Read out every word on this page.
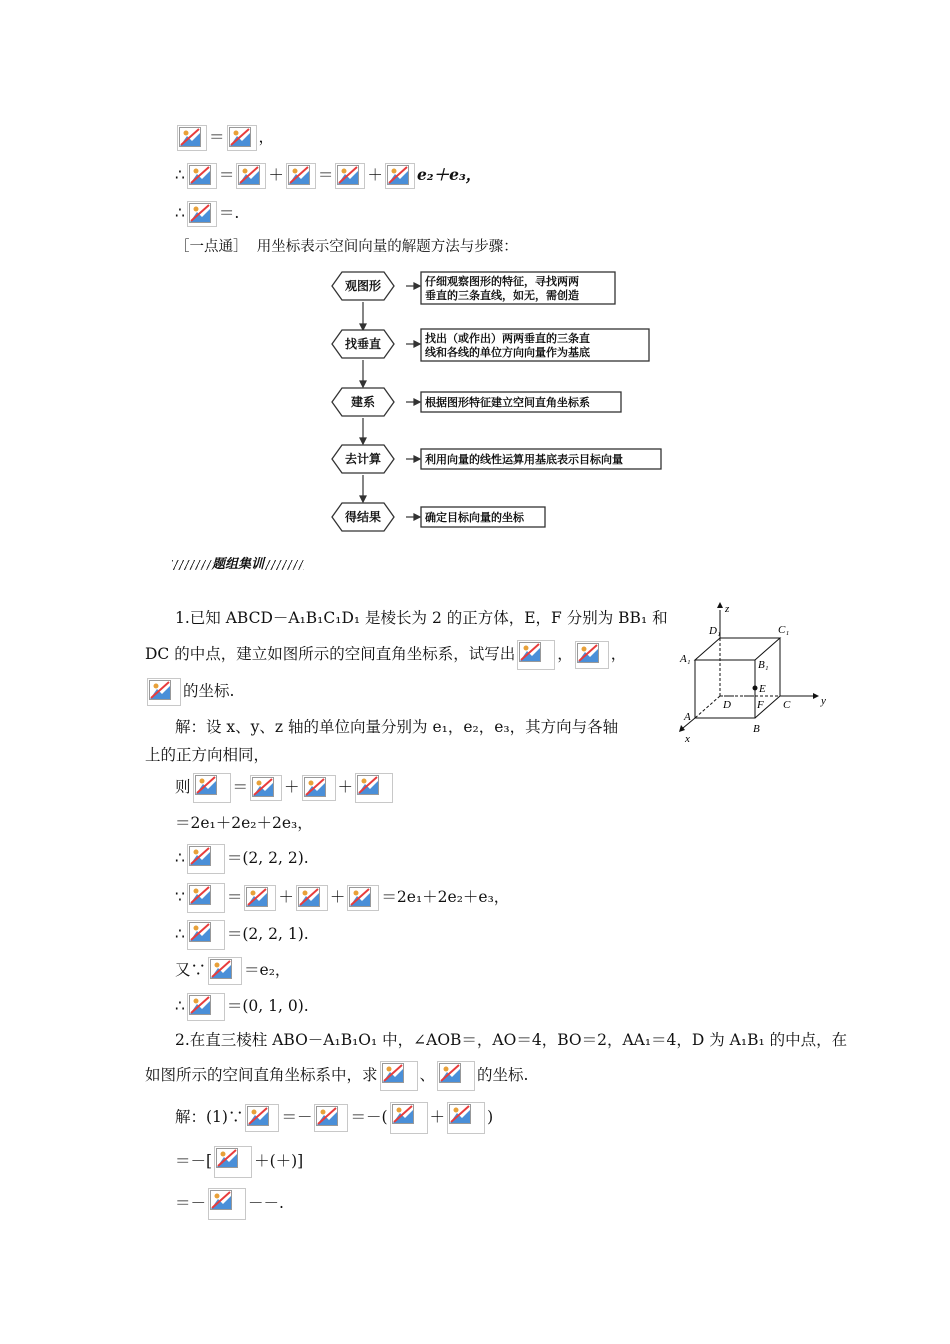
＝ ，
∴ ＝ ＋ ＝ ＋ e₂＋e₃，
∴ ＝.
［一点通］ 用坐标表示空间向量的解题方法与步骤：
观图形
找垂直
建系
去计算
得结果
仔细观察图形的特征，寻找两两
垂直的三条直线，如无，需创造
找出（或作出）两两垂直的三条直
线和各线的单位方向向量作为基底
根据图形特征建立空间直角坐标系
利用向量的线性运算用基底表示目标向量
确定目标向量的坐标
题组集训
1.已知 ABCD－A₁B₁C₁D₁ 是棱长为 2 的正方体，E，F 分别为 BB₁ 和
DC 的中点，建立如图所示的空间直角坐标系，试写出	， ，
的坐标.
解：设 x、y、z 轴的单位向量分别为 e₁，e₂，e₃，其方向与各轴
上的正方向相同，
则	＝ ＋ ＋
＝2e₁＋2e₂＋2e₃，
∴	＝(2, 2, 2).
∵	＝ ＋ ＋ ＝2e₁＋2e₂＋e₃，
∴	＝(2, 2, 1).
又∵ ＝e₂，
∴	＝(0, 1, 0).
z
D₁	C₁
A₁	B₁
E
D F C	y
A
B
x
2.在直三棱柱 ABO－A₁B₁O₁ 中，∠AOB＝，AO＝4，BO＝2，AA₁＝4，D 为 A₁B₁ 的中点，在
如图所示的空间直角坐标系中，求	、	的坐标.
解：(1)∵ ＝－ ＝－(	＋	)
＝－[	＋(＋)]
＝－	－－.
